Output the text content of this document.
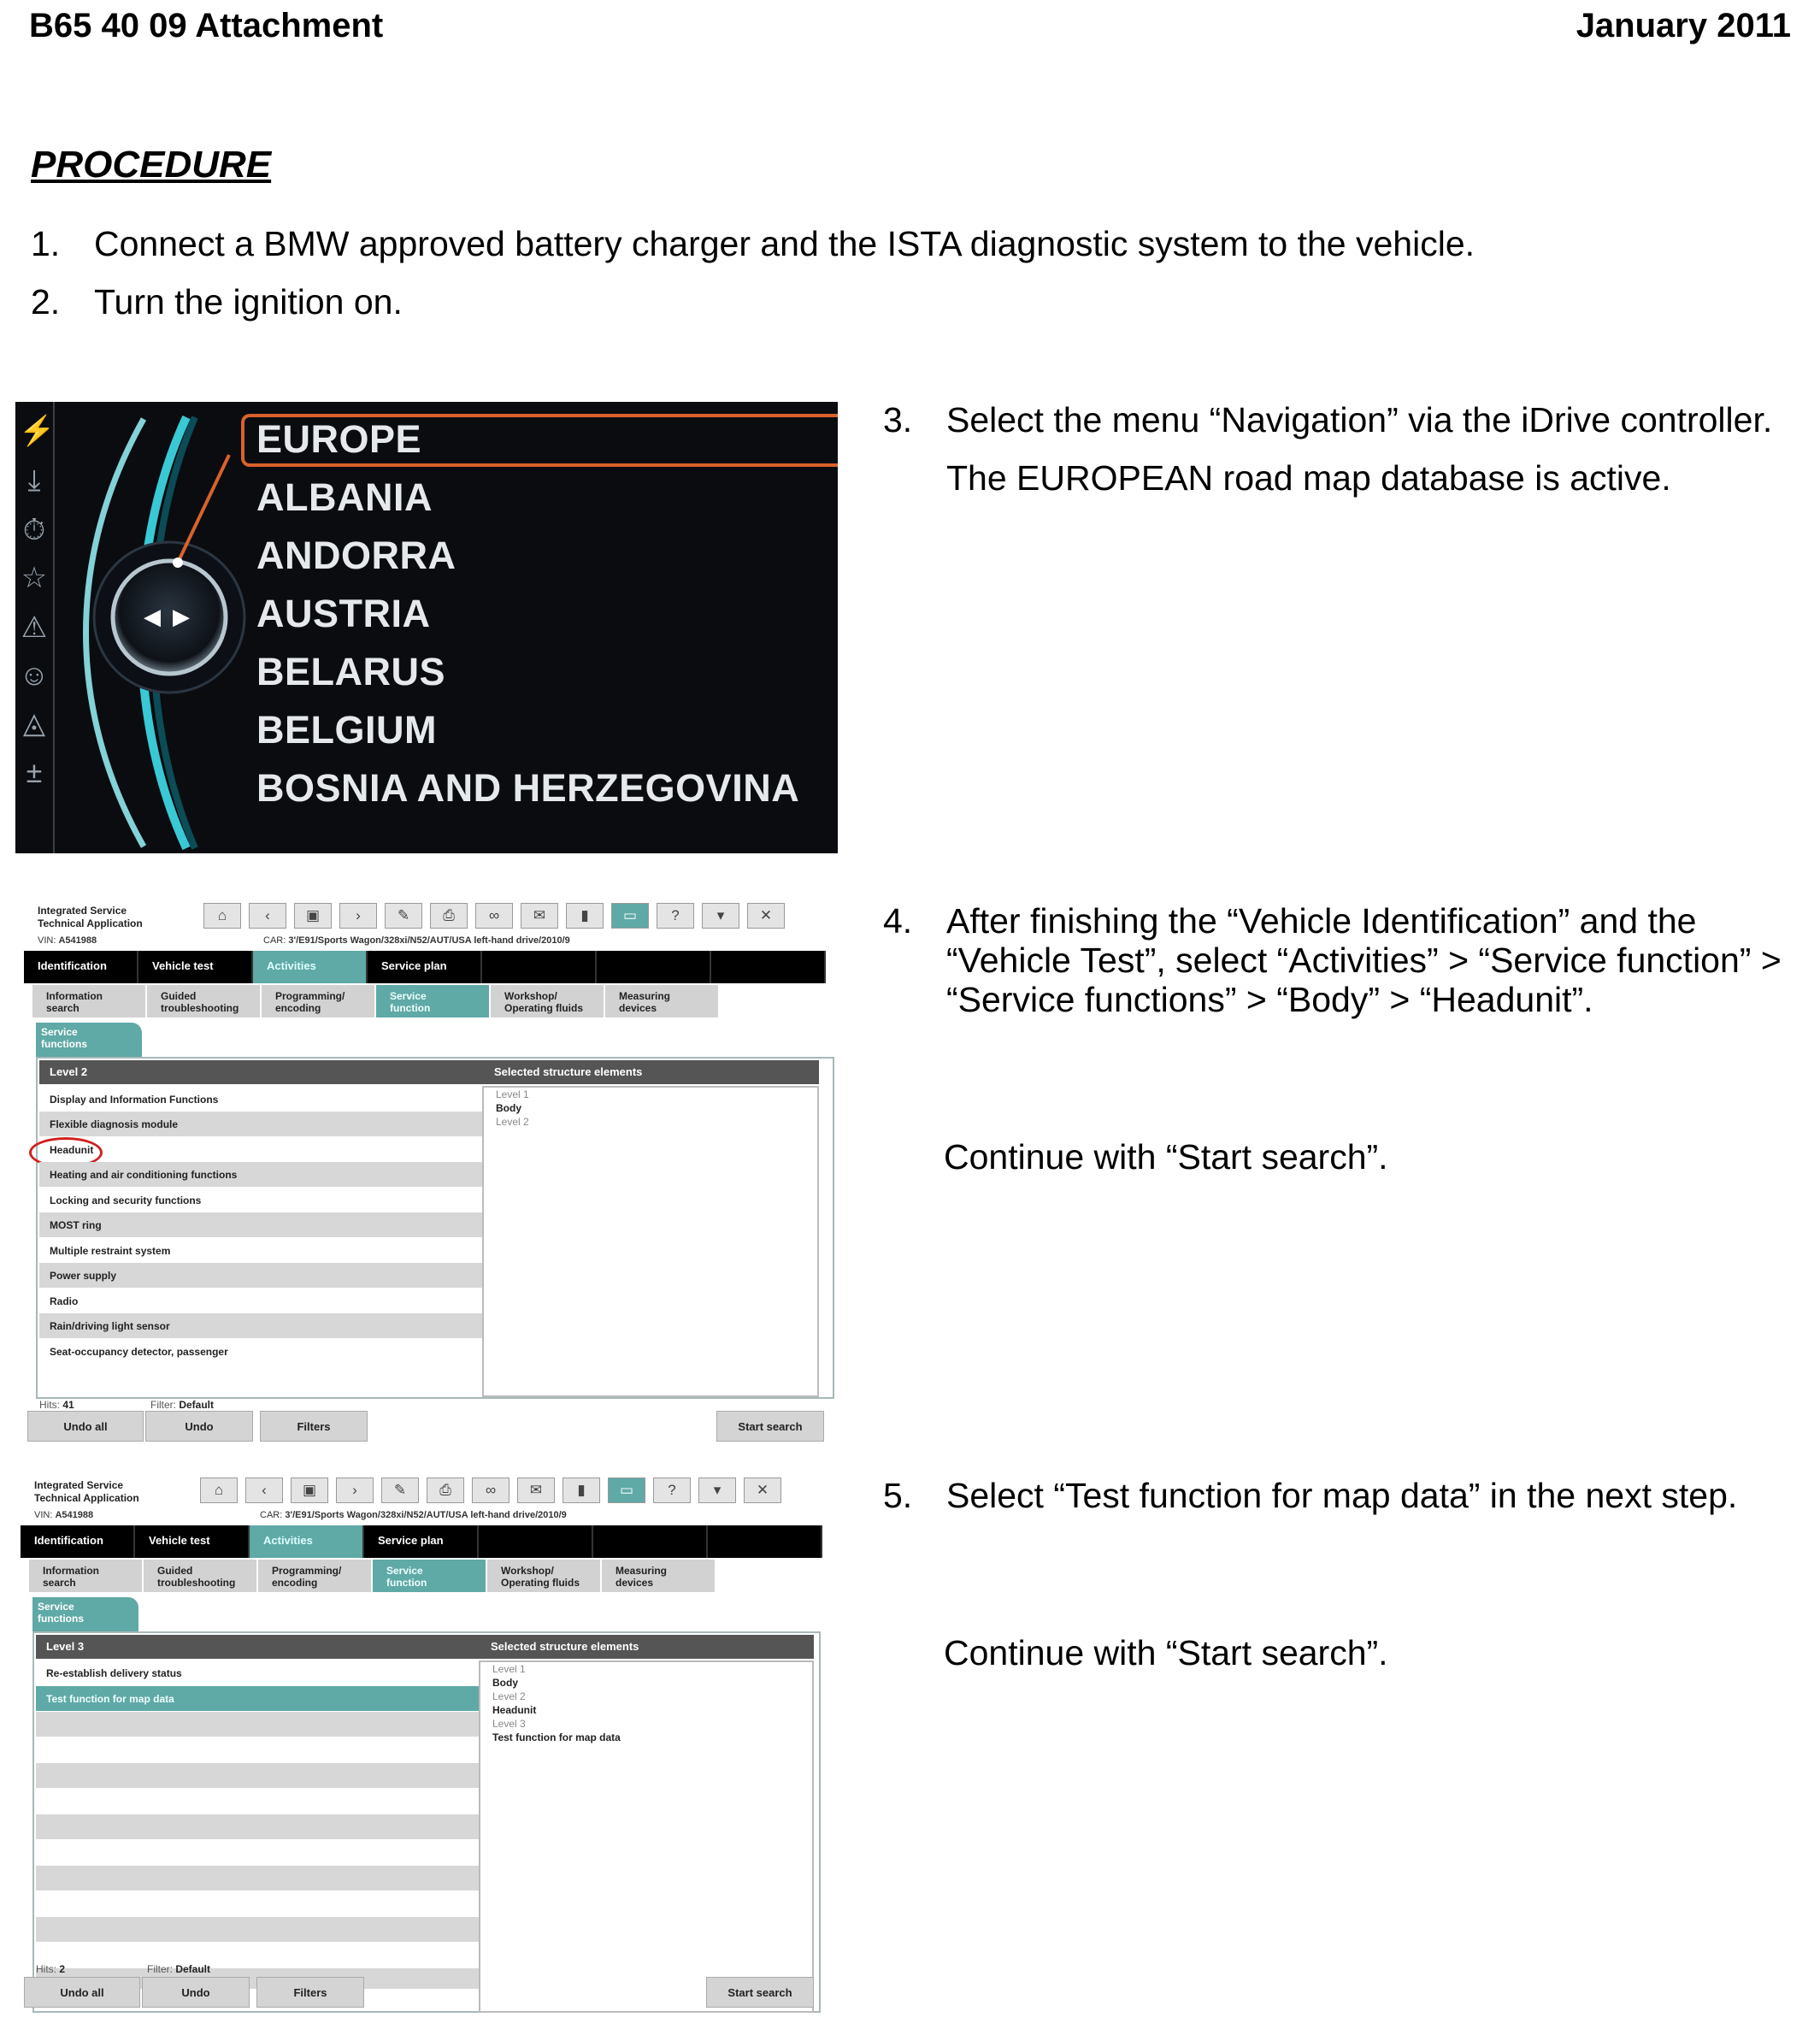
B65 40 09 Attachment	January 2011
PROCEDURE
1. Connect a BMW approved battery charger and the ISTA diagnostic system to the vehicle.
2. Turn the ignition on.
◀ ▶
⚡
⤓
⏱
☆
⚠
☺
◬
±
EUROPE
ALBANIA
ANDORRA
AUSTRIA
BELARUS
BELGIUM
BOSNIA AND HERZEGOVINA
3. Select the menu “Navigation” via the iDrive controller.

The EUROPEAN road map database is active.

Integrated Service
Technical Application	⌂	‹	▣	›	✎	⎙	∞	✉	▮	▭	?	▾	✕
VIN: A541988	CAR: 3'/E91/Sports Wagon/328xi/N52/AUT/USA left-hand drive/2010/9
Identification	Vehicle test	Activities	Service plan
Information
search
Guided
troubleshooting
Programming/
encoding
Service
function
Workshop/
Operating fluids
Measuring
devices
Service
functions
Level 2
Display and Information Functions
Flexible diagnosis module
Headunit
Heating and air conditioning functions
Locking and security functions
MOST ring
Multiple restraint system
Power supply
Radio
Rain/driving light sensor
Seat-occupancy detector, passenger
Selected structure elements
Level 1
Body
Level 2
Hits: 41	Filter: Default
Undo all	Undo	Filters	Start search
4. After finishing the “Vehicle Identification” and the “Vehicle Test”, select “Activities” > “Service function” > “Service functions” > “Body” > “Headunit”.

Continue with “Start search”.
Integrated Service
Technical Application	⌂	‹	▣	›	✎	⎙	∞	✉	▮	▭	?	▾	✕
VIN: A541988	CAR: 3'/E91/Sports Wagon/328xi/N52/AUT/USA left-hand drive/2010/9
Identification	Vehicle test	Activities	Service plan
Information
search
Guided
troubleshooting
Programming/
encoding
Service
function
Workshop/
Operating fluids
Measuring
devices
Service
functions
Level 3
Re-establish delivery status
Test function for map data
Selected structure elements
Level 1
Body
Level 2
Headunit
Level 3
Test function for map data
Hits: 2	Filter: Default
Undo all	Undo	Filters	Start search
5. Select “Test function for map data” in the next step.

Continue with “Start search”.
